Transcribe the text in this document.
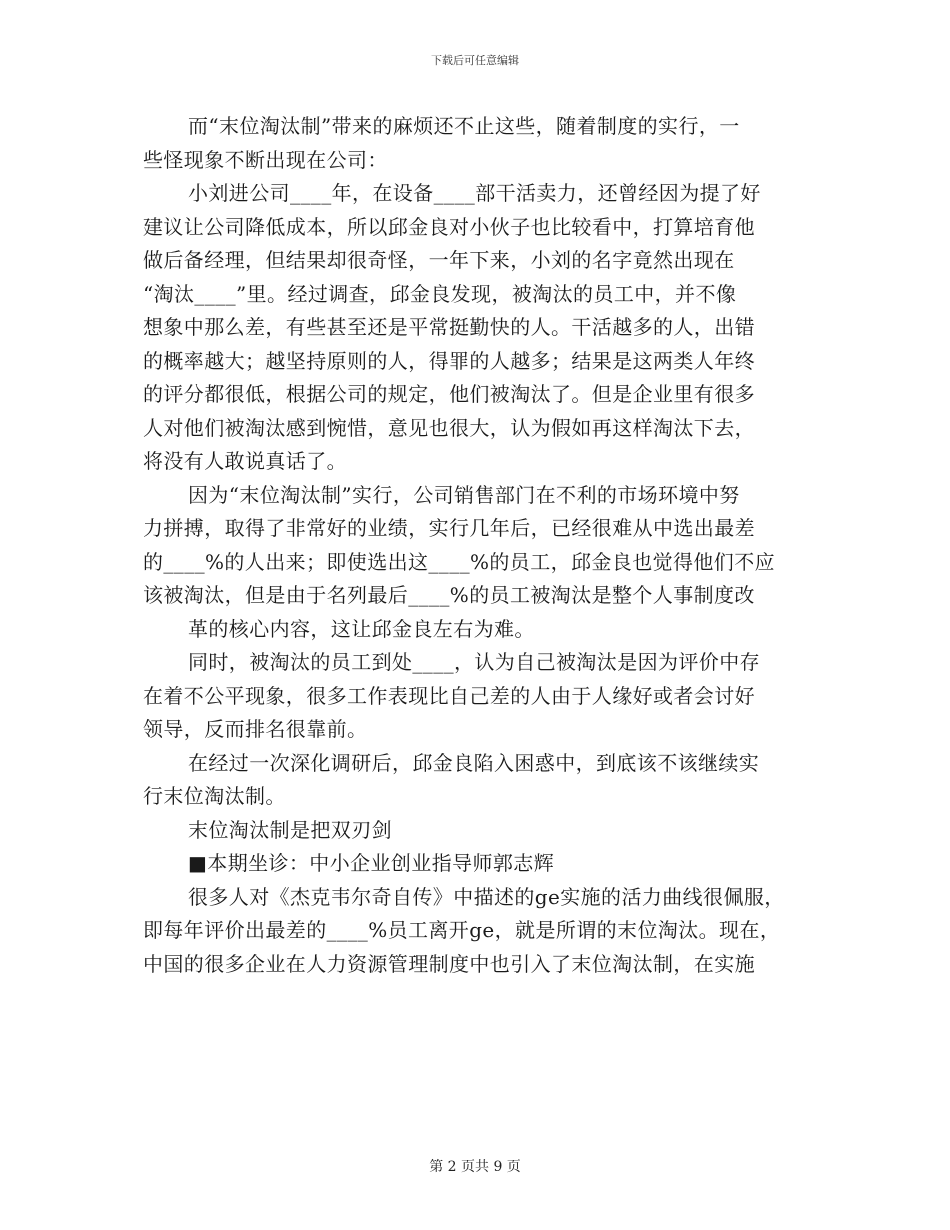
下载后可任意编辑
而“末位淘汰制”带来的麻烦还不止这些，随着制度的实行，一
些怪现象不断出现在公司：
小刘进公司____年，在设备____部干活卖力，还曾经因为提了好
建议让公司降低成本，所以邱金良对小伙子也比较看中，打算培育他
做后备经理，但结果却很奇怪，一年下来，小刘的名字竟然出现在
“淘汰____”里。经过调查，邱金良发现，被淘汰的员工中，并不像
想象中那么差，有些甚至还是平常挺勤快的人。干活越多的人，出错
的概率越大；越坚持原则的人，得罪的人越多；结果是这两类人年终
的评分都很低，根据公司的规定，他们被淘汰了。但是企业里有很多
人对他们被淘汰感到惋惜，意见也很大，认为假如再这样淘汰下去，
将没有人敢说真话了。
因为“末位淘汰制”实行，公司销售部门在不利的市场环境中努
力拼搏，取得了非常好的业绩，实行几年后，已经很难从中选出最差
的____%的人出来；即使选出这____%的员工，邱金良也觉得他们不应
该被淘汰，但是由于名列最后____%的员工被淘汰是整个人事制度改
革的核心内容，这让邱金良左右为难。
同时，被淘汰的员工到处____，认为自己被淘汰是因为评价中存
在着不公平现象，很多工作表现比自己差的人由于人缘好或者会讨好
领导，反而排名很靠前。
在经过一次深化调研后，邱金良陷入困惑中，到底该不该继续实
行末位淘汰制。
末位淘汰制是把双刃剑
■本期坐诊：中小企业创业指导师郭志辉
很多人对《杰克韦尔奇自传》中描述的ge实施的活力曲线很佩服，
即每年评价出最差的____%员工离开ge，就是所谓的末位淘汰。现在，
中国的很多企业在人力资源管理制度中也引入了末位淘汰制，在实施
第 2 页共 9 页
